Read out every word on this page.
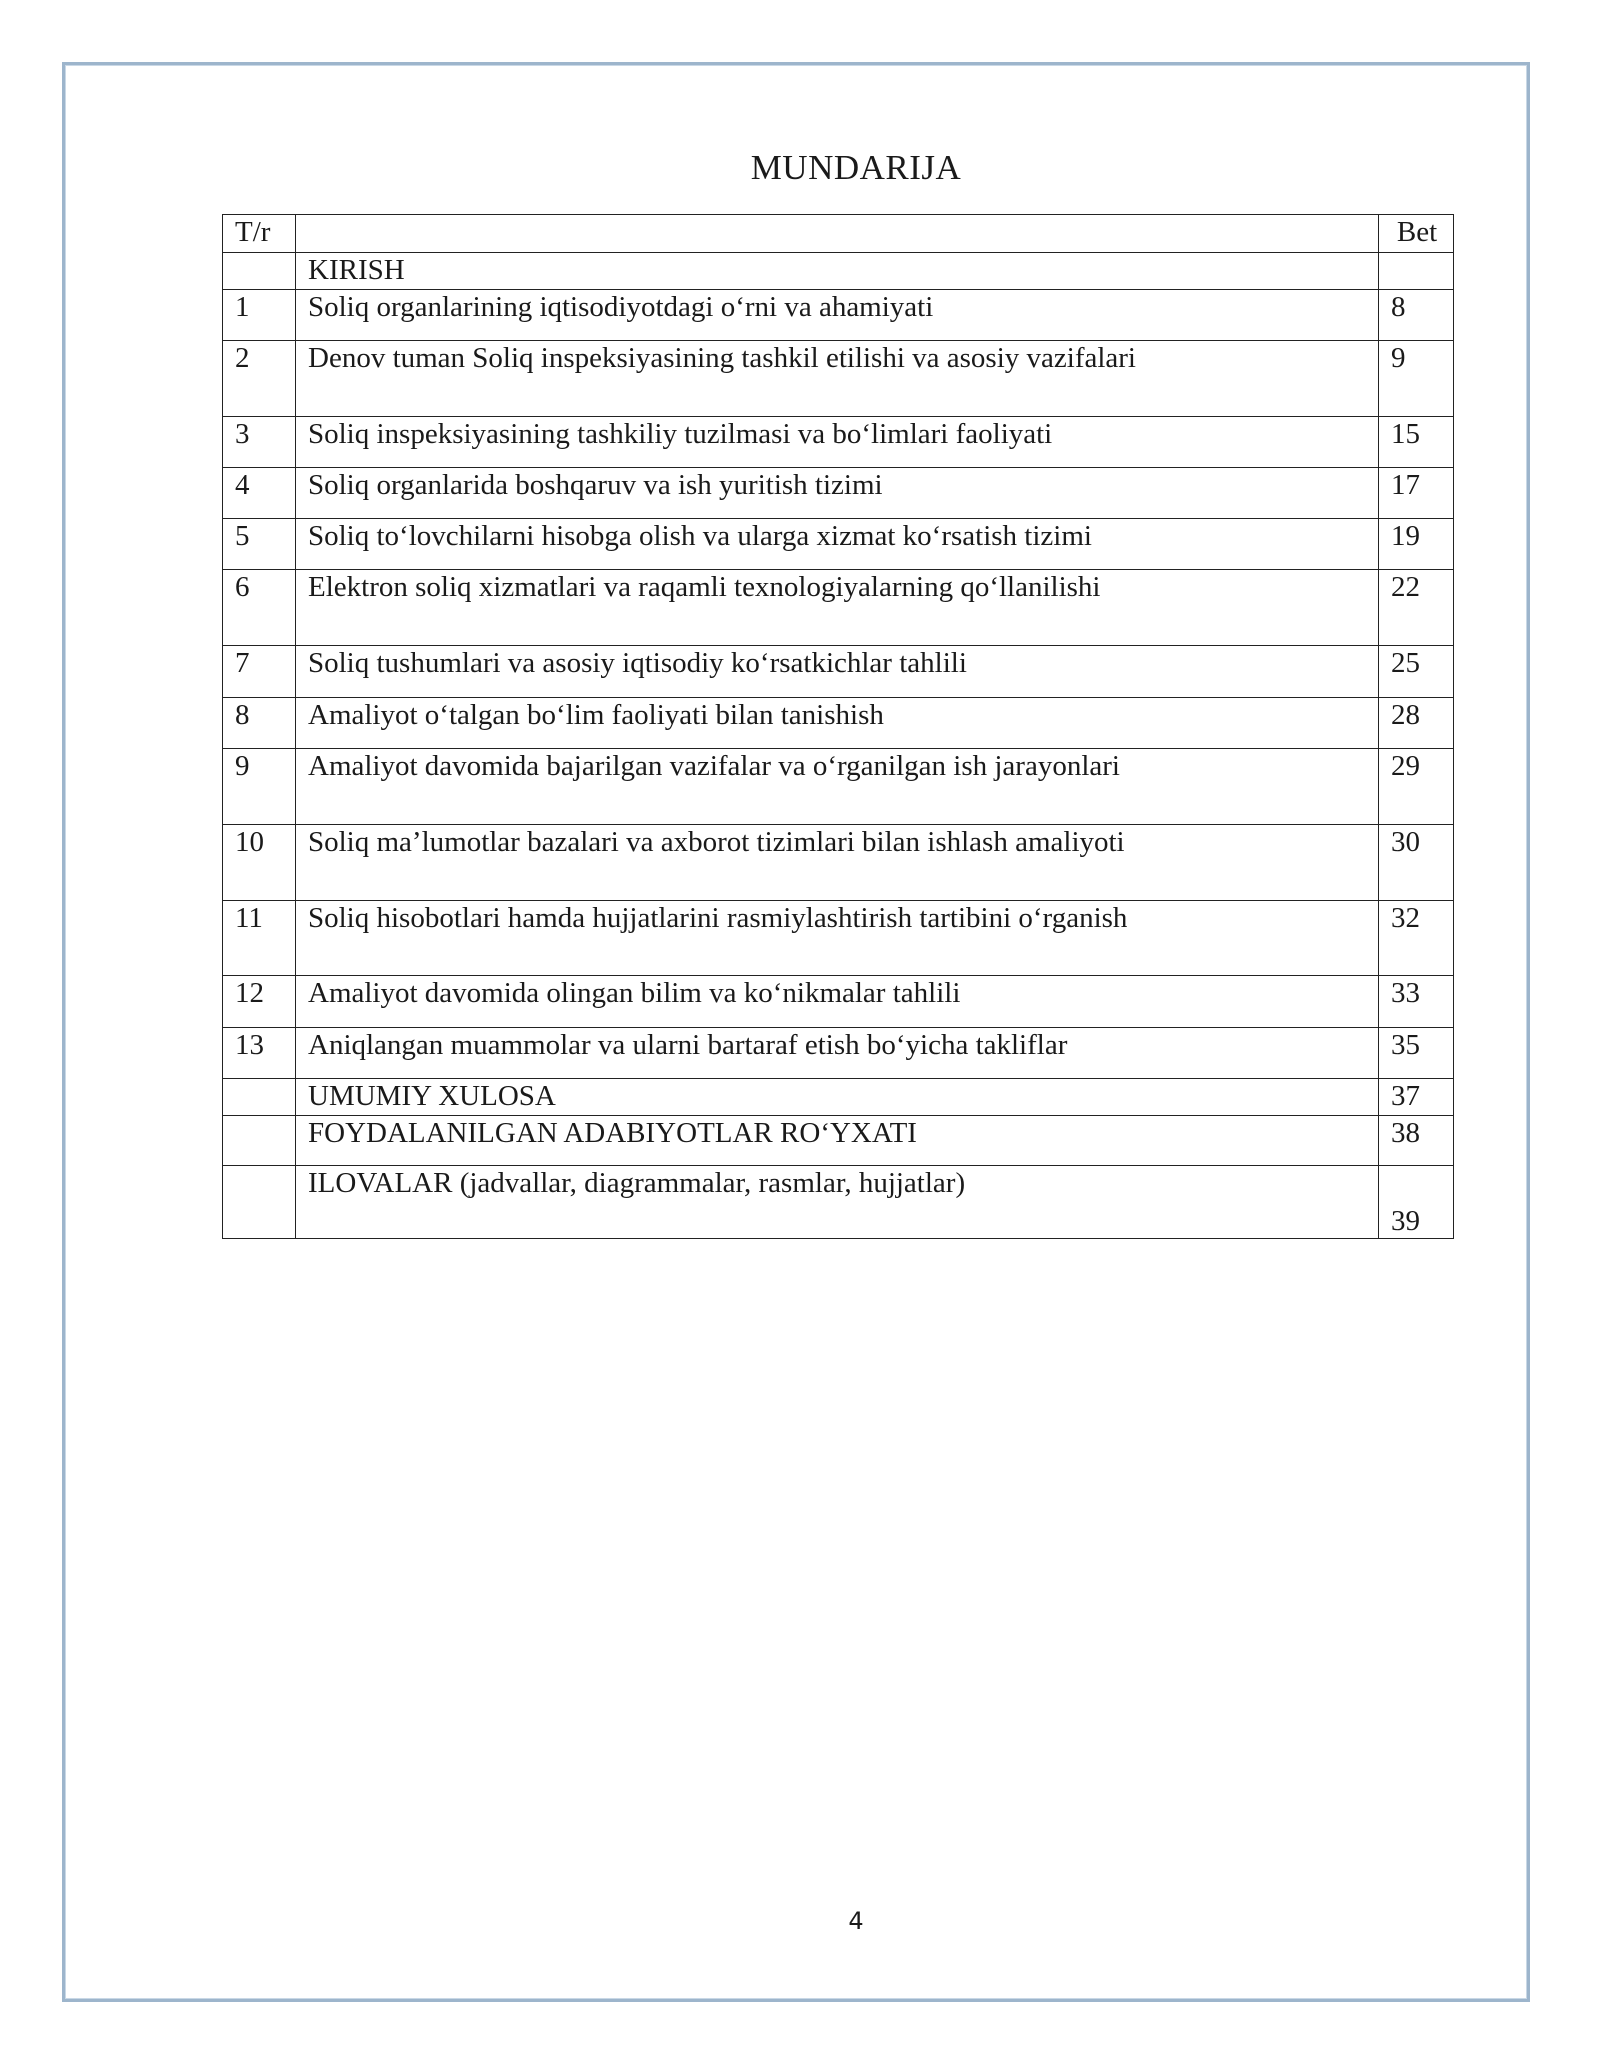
MUNDARIJA
T/r		Bet
	KIRISH	
1	Soliq organlarining iqtisodiyotdagi o‘rni va ahamiyati	8
2	Denov tuman Soliq inspeksiyasining tashkil etilishi va asosiy vazifalari	9
3	Soliq inspeksiyasining tashkiliy tuzilmasi va bo‘limlari faoliyati	15
4	Soliq organlarida boshqaruv va ish yuritish tizimi	17
5	Soliq to‘lovchilarni hisobga olish va ularga xizmat ko‘rsatish tizimi	19
6	Elektron soliq xizmatlari va raqamli texnologiyalarning qo‘llanilishi	22
7	Soliq tushumlari va asosiy iqtisodiy ko‘rsatkichlar tahlili	25
8	Amaliyot o‘talgan bo‘lim faoliyati bilan tanishish	28
9	Amaliyot davomida bajarilgan vazifalar va o‘rganilgan ish jarayonlari	29
10	Soliq ma’lumotlar bazalari va axborot tizimlari bilan ishlash amaliyoti	30
11	Soliq hisobotlari hamda hujjatlarini rasmiylashtirish tartibini o‘rganish	32
12	Amaliyot davomida olingan bilim va ko‘nikmalar tahlili	33
13	Aniqlangan muammolar va ularni bartaraf etish bo‘yicha takliflar	35
	UMUMIY XULOSA	37
	FOYDALANILGAN ADABIYOTLAR RO‘YXATI	38
	ILOVALAR (jadvallar, diagrammalar, rasmlar, hujjatlar)	39
4
